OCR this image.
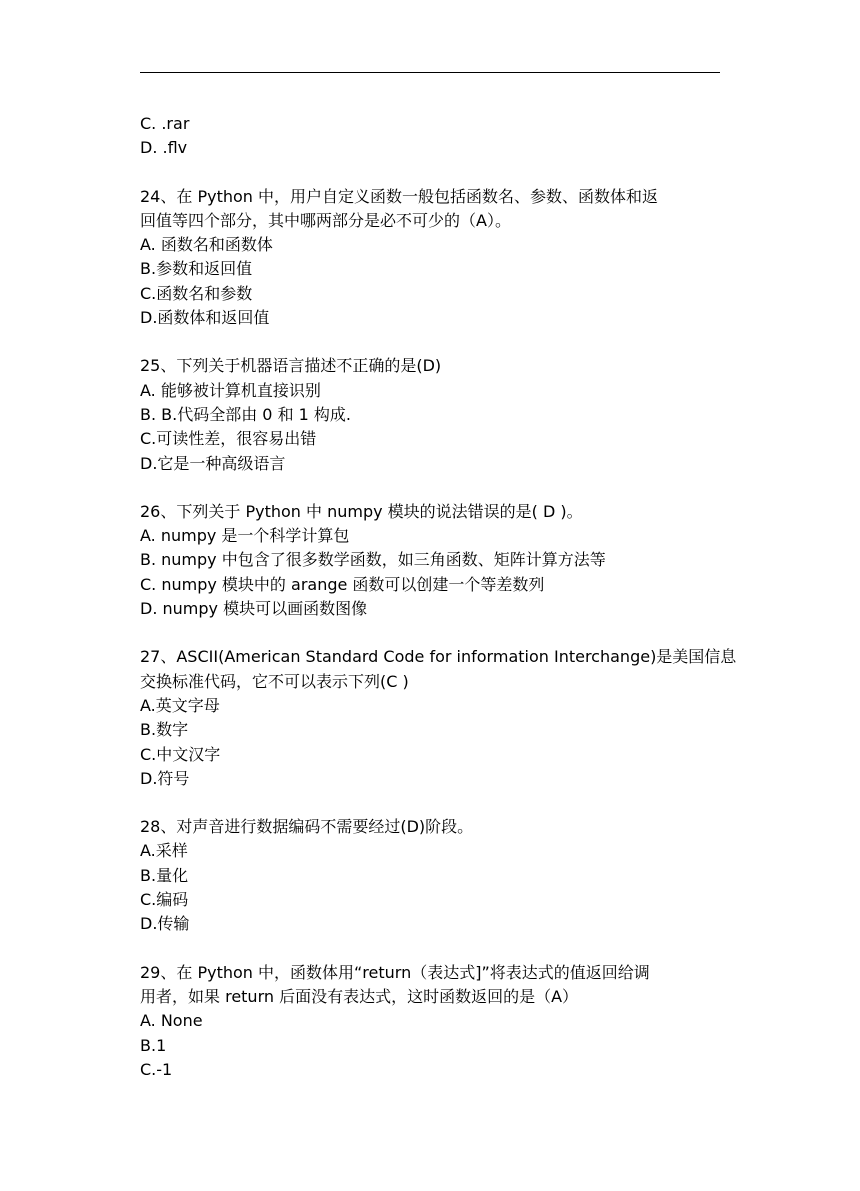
C. .rar
D. .flv
24、在 Python 中，用户自定义函数一般包括函数名、参数、函数体和返
回值等四个部分，其中哪两部分是必不可少的（A）。
A. 函数名和函数体
B.参数和返回值
C.函数名和参数
D.函数体和返回值
25、下列关于机器语言描述不正确的是(D)
A. 能够被计算机直接识别
B. B.代码全部由 0 和 1 构成.
C.可读性差，很容易出错
D.它是一种高级语言
26、下列关于 Python 中 numpy 模块的说法错误的是( D )。
A. numpy 是一个科学计算包
B. numpy 中包含了很多数学函数，如三角函数、矩阵计算方法等
C. numpy 模块中的 arange 函数可以创建一个等差数列
D. numpy 模块可以画函数图像
27、ASCII(American Standard Code for information Interchange)是美国信息
交换标准代码，它不可以表示下列(C )
A.英文字母
B.数字
C.中文汉字
D.符号
28、对声音进行数据编码不需要经过(D)阶段。
A.采样
B.量化
C.编码
D.传输
29、在 Python 中，函数体用“return（表达式]”将表达式的值返回给调
用者，如果 return 后面没有表达式，这时函数返回的是（A）
A. None
B.1
C.-1
